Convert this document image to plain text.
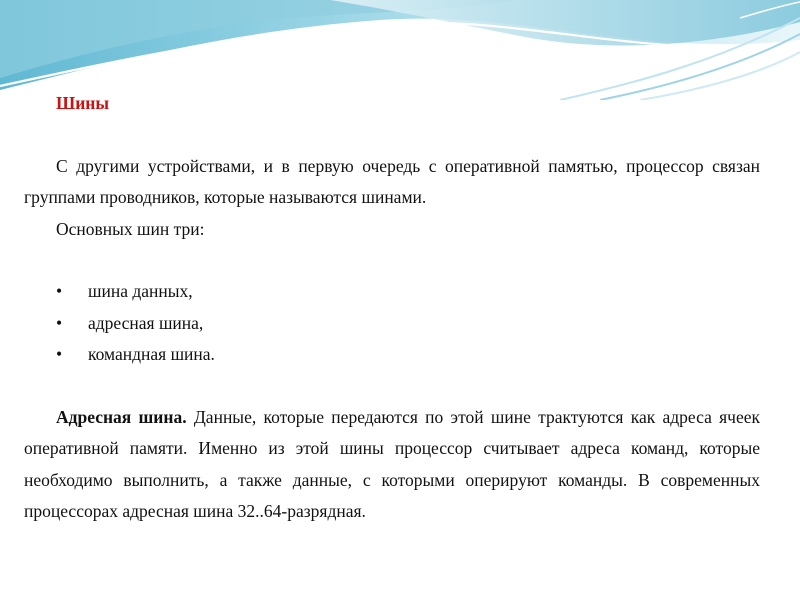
Шины

С другими устройствами, и в первую очередь с оперативной памятью, процессор связан группами проводников, которые называются шинами.

Основных шин три:

• шина данных,
• адресная шина,
• командная шина.

Адресная шина. Данные, которые передаются по этой шине трактуются как адреса ячеек оперативной памяти. Именно из этой шины процессор считывает адреса команд, которые необходимо выполнить, а также данные, с которыми оперируют команды. В современных процессорах адресная шина 32..64-разрядная.
